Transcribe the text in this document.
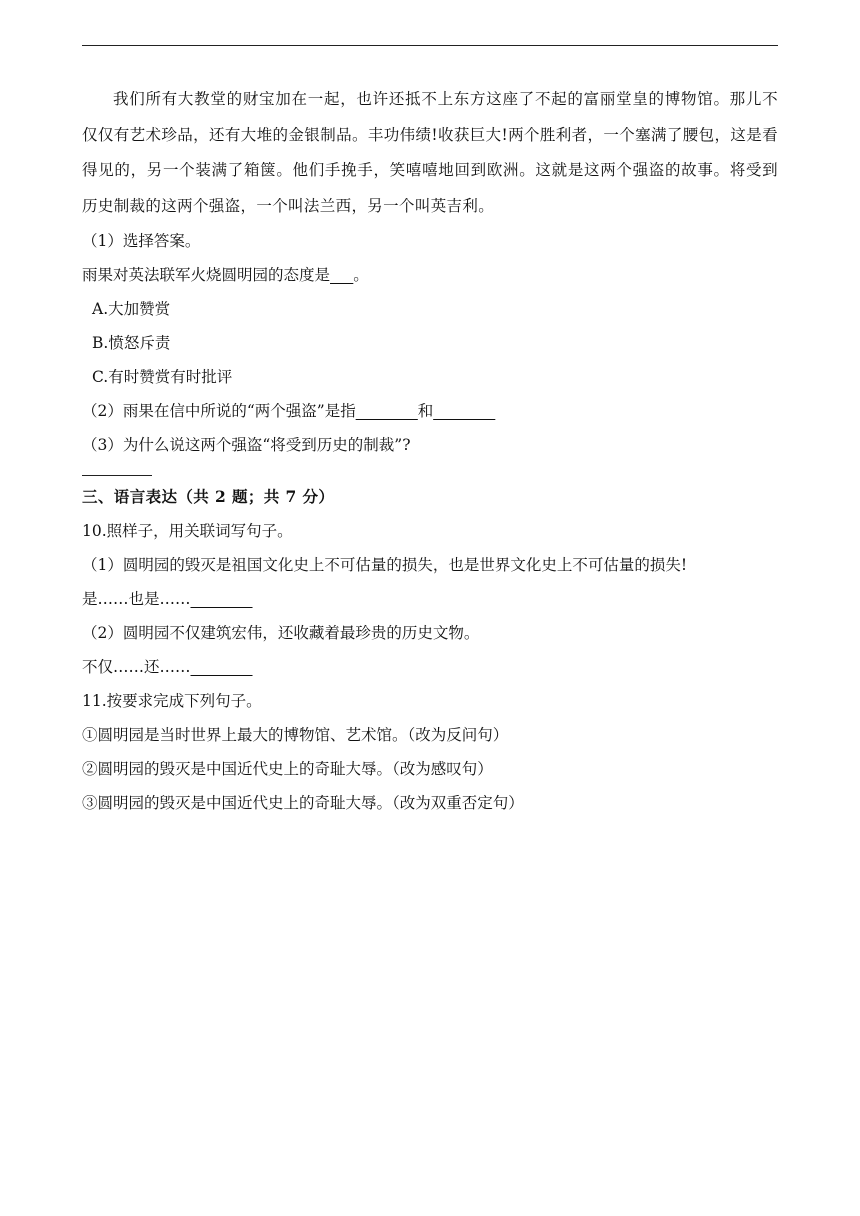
我们所有大教堂的财宝加在一起，也许还抵不上东方这座了不起的富丽堂皇的博物馆。那儿不仅仅有艺术珍品，还有大堆的金银制品。丰功伟绩!收获巨大!两个胜利者，一个塞满了腰包，这是看得见的，另一个装满了箱箧。他们手挽手，笑嘻嘻地回到欧洲。这就是这两个强盗的故事。将受到历史制裁的这两个强盗，一个叫法兰西，另一个叫英吉利。
（1）选择答案。
雨果对英法联军火烧圆明园的态度是___。
A.大加赞赏
B.愤怒斥责
C.有时赞赏有时批评
（2）雨果在信中所说的“两个强盗”是指________和________
（3）为什么说这两个强盗“将受到历史的制裁”?
三、语言表达（共 2 题；共 7 分）
10.照样子，用关联词写句子。
（1）圆明园的毁灭是祖国文化史上不可估量的损失，也是世界文化史上不可估量的损失!
是……也是……________
（2）圆明园不仅建筑宏伟，还收藏着最珍贵的历史文物。
不仅……还……________
11.按要求完成下列句子。
①圆明园是当时世界上最大的博物馆、艺术馆。（改为反问句）
②圆明园的毁灭是中国近代史上的奇耻大辱。（改为感叹句）
③圆明园的毁灭是中国近代史上的奇耻大辱。（改为双重否定句）
